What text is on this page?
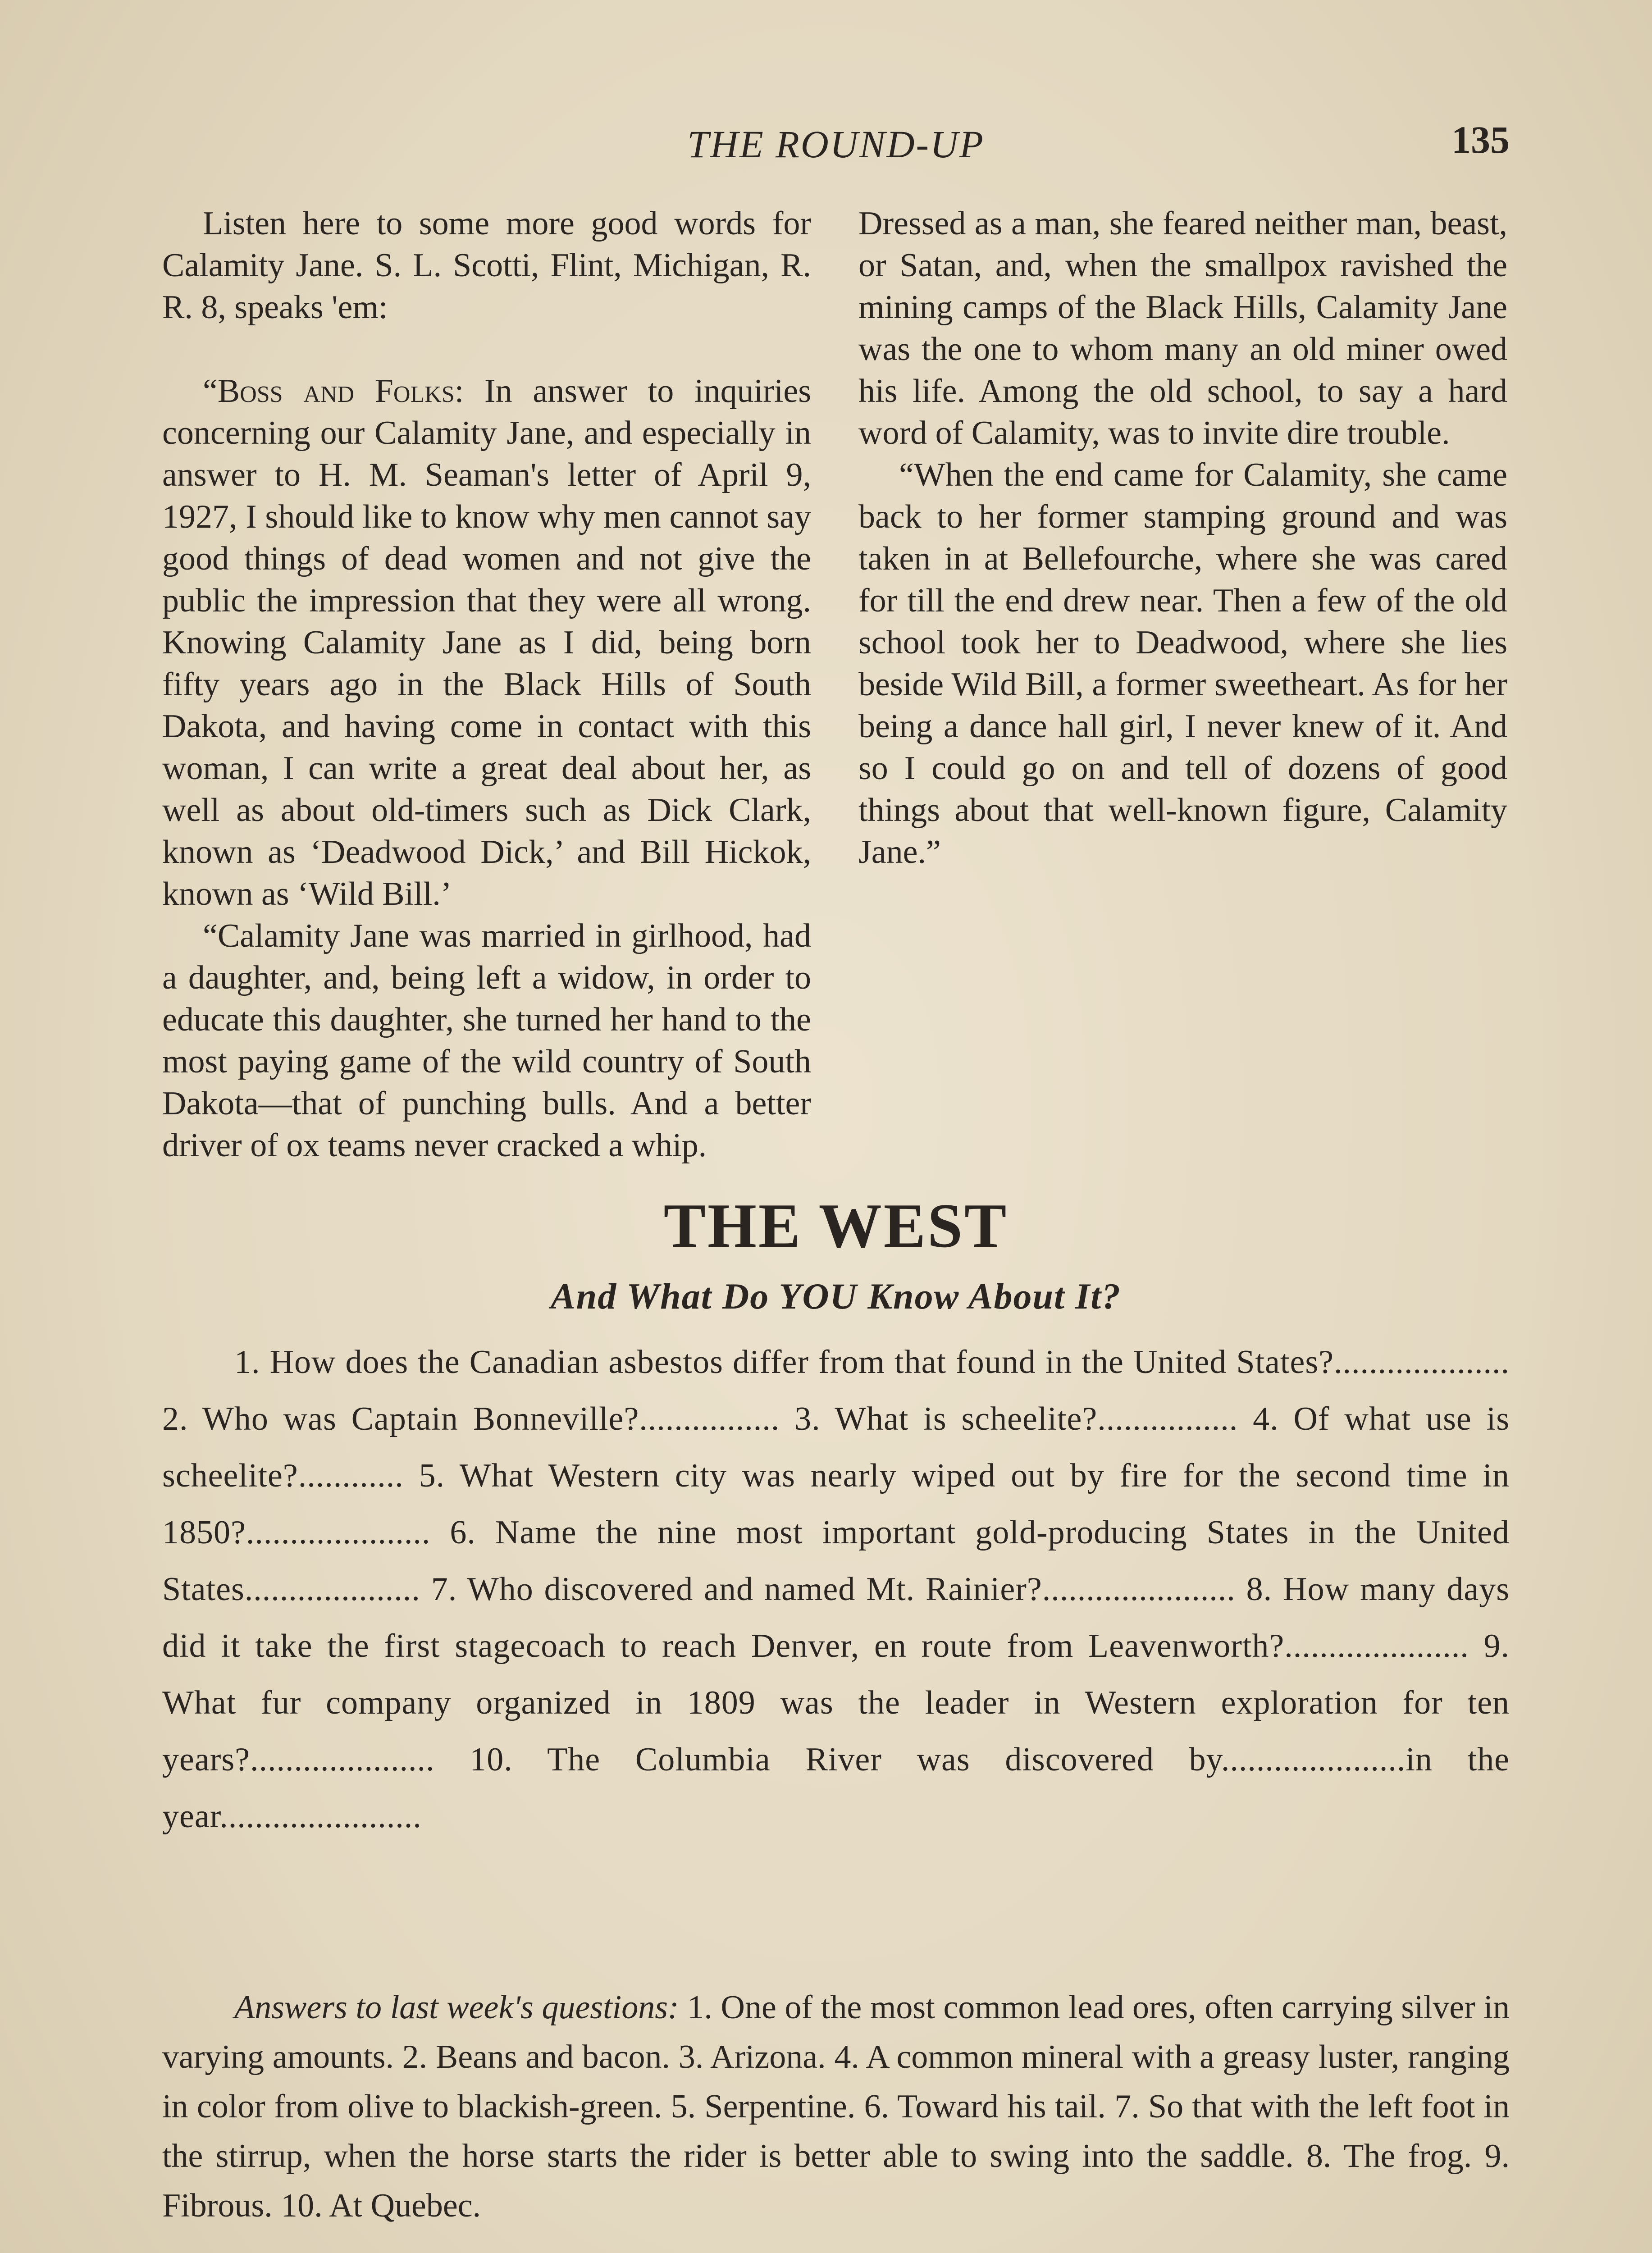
THE ROUND-UP	135

Listen here to some more good words for Calamity Jane. S. L. Scotti, Flint, Michigan, R. R. 8, speaks 'em:

“Boss and Folks: In answer to inquiries concerning our Calamity Jane, and especially in answer to H. M. Seaman's letter of April 9, 1927, I should like to know why men cannot say good things of dead women and not give the public the impression that they were all wrong. Knowing Calamity Jane as I did, being born fifty years ago in the Black Hills of South Dakota, and having come in contact with this woman, I can write a great deal about her, as well as about old-timers such as Dick Clark, known as ‘Deadwood Dick,’ and Bill Hickok, known as ‘Wild Bill.’

“Calamity Jane was married in girlhood, had a daughter, and, being left a widow, in order to educate this daughter, she turned her hand to the most paying game of the wild country of South Dakota—that of punching bulls. And a better driver of ox teams never cracked a whip.

Dressed as a man, she feared neither man, beast, or Satan, and, when the smallpox ravished the mining camps of the Black Hills, Calamity Jane was the one to whom many an old miner owed his life. Among the old school, to say a hard word of Calamity, was to invite dire trouble.

“When the end came for Calamity, she came back to her former stamping ground and was taken in at Bellefourche, where she was cared for till the end drew near. Then a few of the old school took her to Deadwood, where she lies beside Wild Bill, a former sweetheart. As for her being a dance hall girl, I never knew of it. And so I could go on and tell of dozens of good things about that well-known figure, Calamity Jane.”

THE WEST
And What Do YOU Know About It?
1. How does the Canadian asbestos differ from that found in the United States?.................... 2. Who was Captain Bonneville?................ 3. What is scheelite?................ 4. Of what use is scheelite?............ 5. What Western city was nearly wiped out by fire for the second time in 1850?..................... 6. Name the nine most important gold-producing States in the United States.................... 7. Who discovered and named Mt. Rainier?...................... 8. How many days did it take the first stagecoach to reach Denver, en route from Leavenworth?..................... 9. What fur company organized in 1809 was the leader in Western exploration for ten years?..................... 10. The Columbia River was discovered by.....................in the year.......................
Answers to last week's questions: 1. One of the most common lead ores, often carrying silver in varying amounts. 2. Beans and bacon. 3. Arizona. 4. A common mineral with a greasy luster, ranging in color from olive to blackish-green. 5. Serpentine. 6. Toward his tail. 7. So that with the left foot in the stirrup, when the horse starts the rider is better able to swing into the saddle. 8. The frog. 9. Fibrous. 10. At Quebec.
